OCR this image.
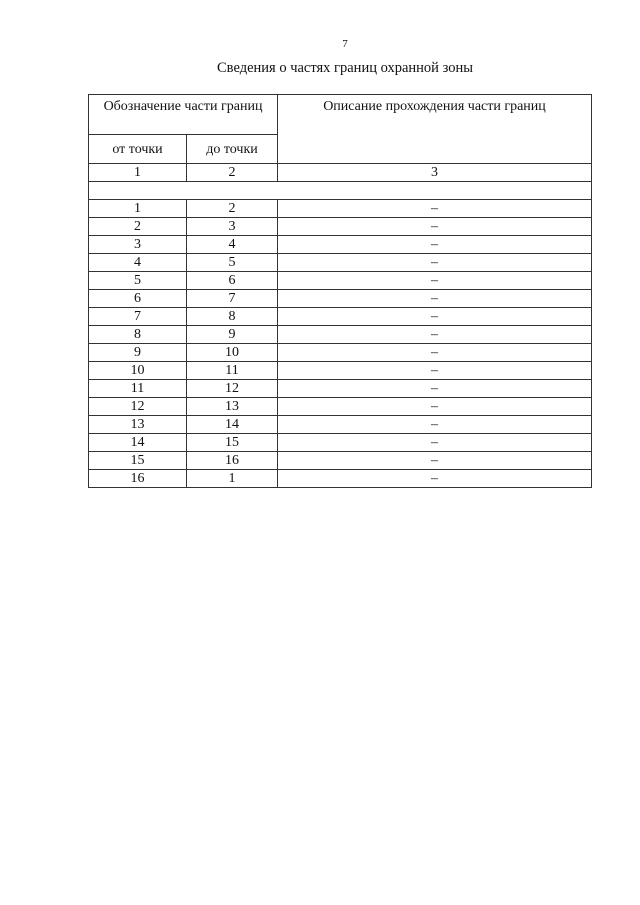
7
Сведения о частях границ охранной зоны
Обозначение части границ		Описание прохождения части границ
от точки	до точки	
1	2	3

1	2	–
2	3	–
3	4	–
4	5	–
5	6	–
6	7	–
7	8	–
8	9	–
9	10	–
10	11	–
11	12	–
12	13	–
13	14	–
14	15	–
15	16	–
16	1	–
